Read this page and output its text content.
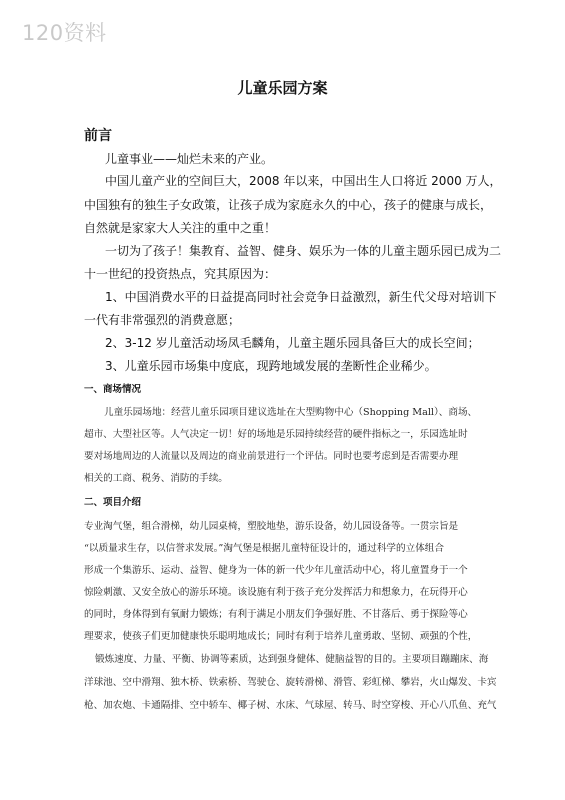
120资料
儿童乐园方案
前言
儿童事业——灿烂未来的产业。
中国儿童产业的空间巨大，2008 年以来，中国出生人口将近 2000 万人，
中国独有的独生子女政策，让孩子成为家庭永久的中心，孩子的健康与成长，
自然就是家家大人关注的重中之重！
一切为了孩子！集教育、益智、健身、娱乐为一体的儿童主题乐园已成为二
十一世纪的投资热点，究其原因为：
1、中国消费水平的日益提高同时社会竞争日益激烈，新生代父母对培训下
一代有非常强烈的消费意愿；
2、3-12 岁儿童活动场凤毛麟角，儿童主题乐园具备巨大的成长空间；
3、儿童乐园市场集中度底，现跨地域发展的垄断性企业稀少。
一、商场情况
儿童乐园场地：经营儿童乐园项目建议选址在大型购物中心（Shopping Mall）、商场、
超市、大型社区等。人气决定一切！好的场地是乐园持续经营的硬件指标之一，乐园选址时
要对场地周边的人流量以及周边的商业前景进行一个评估。同时也要考虑到是否需要办理
相关的工商、税务、消防的手续。
二、项目介绍
专业淘气堡，组合滑梯，幼儿园桌椅，塑胶地垫，游乐设备，幼儿园设备等。一贯宗旨是
“以质量求生存，以信誉求发展。”淘气堡是根据儿童特征设计的，通过科学的立体组合
形成一个集游乐、运动、益智、健身为一体的新一代少年儿童活动中心，将儿童置身于一个
惊险刺激、又安全放心的游乐环境。该设施有利于孩子充分发挥活力和想象力，在玩得开心
的同时，身体得到有氧耐力锻炼；有利于满足小朋友们争强好胜、不甘落后、勇于探险等心
理要求，使孩子们更加健康快乐聪明地成长；同时有利于培养儿童勇敢、坚韧、顽强的个性，
锻炼速度、力量、平衡、协调等素质，达到强身健体、健脑益智的目的。主要项目蹦蹦床、海
洋球池、空中滑翔、独木桥、铁索桥、驾驶仓、旋转滑梯、滑管、彩虹梯、攀岩，火山爆发、卡宾
枪、加农炮、卡通隔排、空中轿车、椰子树、水床、气球屋、转马、时空穿梭、开心八爪鱼、充气
